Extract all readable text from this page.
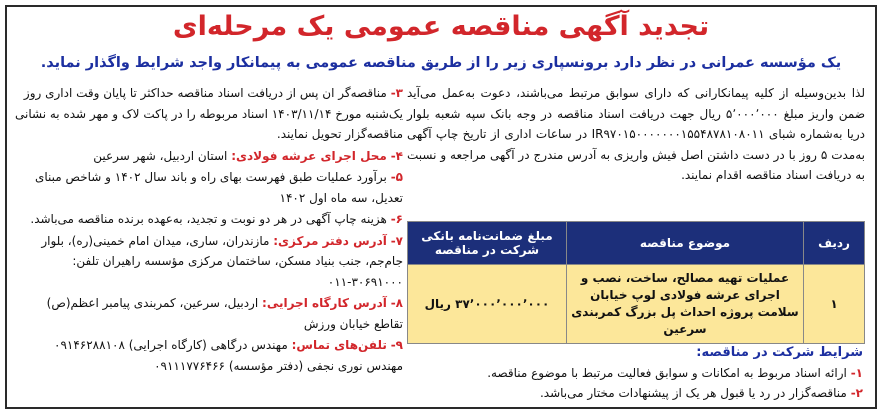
تجدید آگهی مناقصه عمومی یک مرحله‌ای
یک مؤسسه عمرانی در نظر دارد برونسپاری زیر را از طریق مناقصه عمومی به پیمانکار واجد شرایط واگذار نماید.
لذا بدین‌وسیله از کلیه پیمانکارانی که دارای سوابق مرتبط می‌باشند، دعوت به‌عمل می‌آید ضمن واریز مبلغ ۵٬۰۰۰٬۰۰۰ ریال جهت دریافت اسناد مناقصه در وجه بانک سپه شعبه بلوار دریا به‌شماره شبای IR۹۷۰۱۵۰۰۰۰۰۰۰۱۵۵۴۸۷۸۱۰۸۰۱۱ در ساعات اداری از تاریخ چاپ آگهی به‌مدت ۵ روز با در دست داشتن اصل فیش واریزی به آدرس مندرج در آگهی مراجعه و نسبت به دریافت اسناد مناقصه اقدام نمایند.
ردیف	موضوع مناقصه	مبلغ ضمانت‌نامه بانکی شرکت در مناقصه
۱	عملیات تهیه مصالح، ساخت، نصب و اجرای عرشه فولادی لوپ خیابان سلامت پروژه احداث پل بزرگ کمربندی سرعین	۳۷٬۰۰۰٬۰۰۰٬۰۰۰ ریال
شرایط شرکت در مناقصه:
۱- ارائه اسناد مربوط به امکانات و سوابق فعالیت مرتبط با موضوع مناقصه.
۲- مناقصه‌گزار در رد یا قبول هر یک از پیشنهادات مختار می‌باشد.

۳- مناقصه‌گر ان پس از دریافت اسناد مناقصه حداکثر تا پایان وقت اداری روز یک‌شنبه مورخ ۱۴۰۳/۱۱/۱۴ اسناد مربوطه را در پاکت لاک و مهر شده به نشانی مناقصه‌گزار تحویل نمایند.

۴- محل اجرای عرشه فولادی: استان اردبیل، شهر سرعین

۵- برآورد عملیات طبق فهرست بهای راه و باند سال ۱۴۰۲ و شاخص مبنای تعدیل، سه ماه اول ۱۴۰۲

۶- هزینه چاپ آگهی در هر دو نوبت و تجدید، به‌عهده برنده مناقصه می‌باشد.

۷- آدرس دفتر مرکزی: مازندران، ساری، میدان امام خمینی(ره)، بلوار جام‌جم، جنب بنیاد مسکن، ساختمان مرکزی مؤسسه راهیران تلفن: ۳۰۶۹۱۰۰۰-۰۱۱

۸- آدرس کارگاه اجرایی: اردبیل، سرعین، کمربندی پیامبر اعظم(ص) تقاطع خیابان ورزش

۹- تلفن‌های تماس: مهندس درگاهی (کارگاه اجرایی) ۰۹۱۴۶۲۸۸۱۰۸ مهندس نوری نجفی (دفتر مؤسسه) ۰۹۱۱۱۷۷۶۴۶۶
